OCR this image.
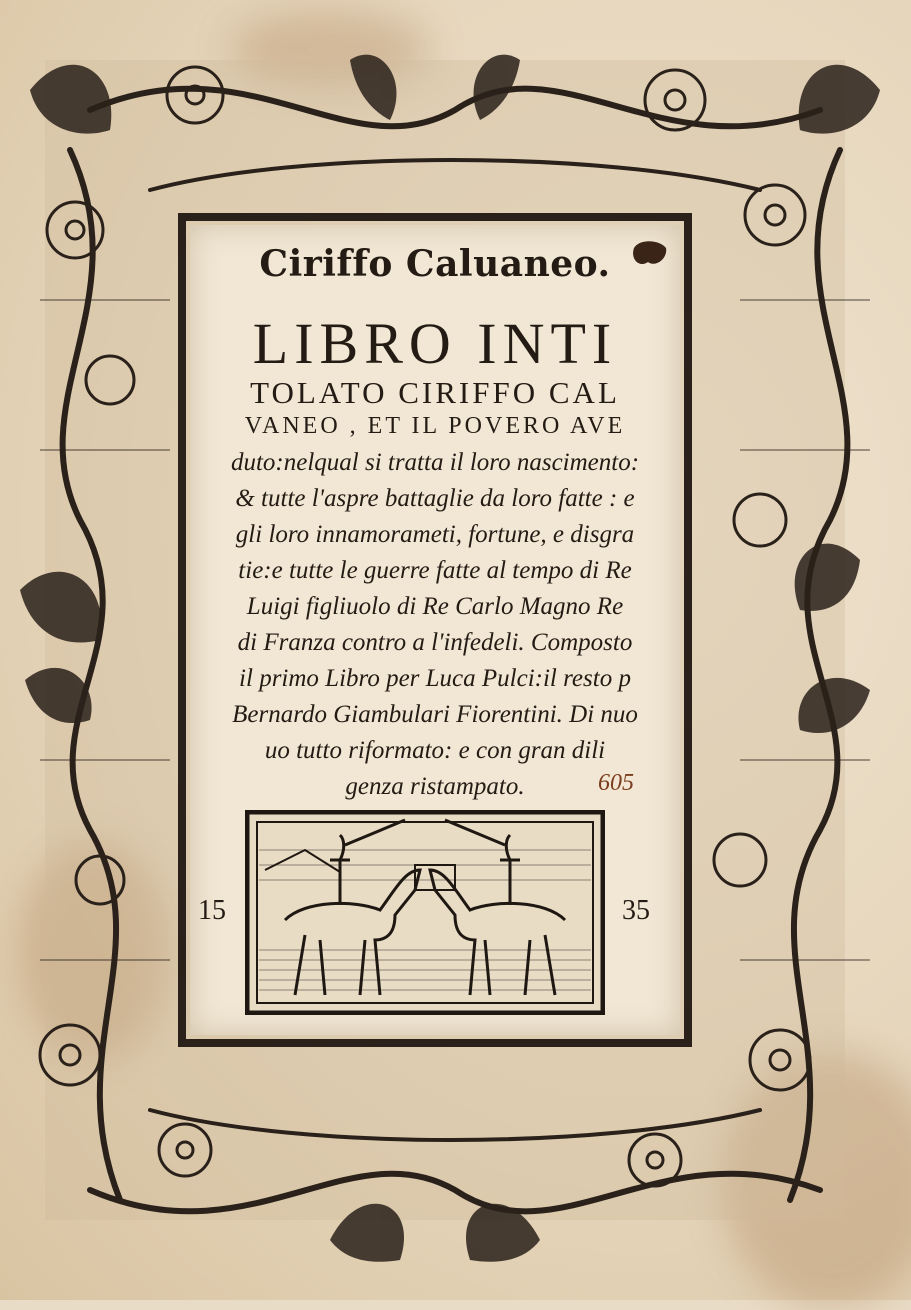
Ciriffo Caluaneo.
LIBRO INTI
TOLATO CIRIFFO CAL
VANEO , ET IL POVERO AVE
duto:nelqual si tratta il loro nascimento:
& tutte l'aspre battaglie da loro fatte : e
gli loro innamorameti, fortune, e disgra
tie:e tutte le guerre fatte al tempo di Re
Luigi figliuolo di Re Carlo Magno Re
di Franza contro a l'infedeli. Composto
il primo Libro per Luca Pulci:il resto p
Bernardo Giambulari Fiorentini. Di nuo
uo tutto riformato: e con gran dili
genza ristampato.	605
15	35
